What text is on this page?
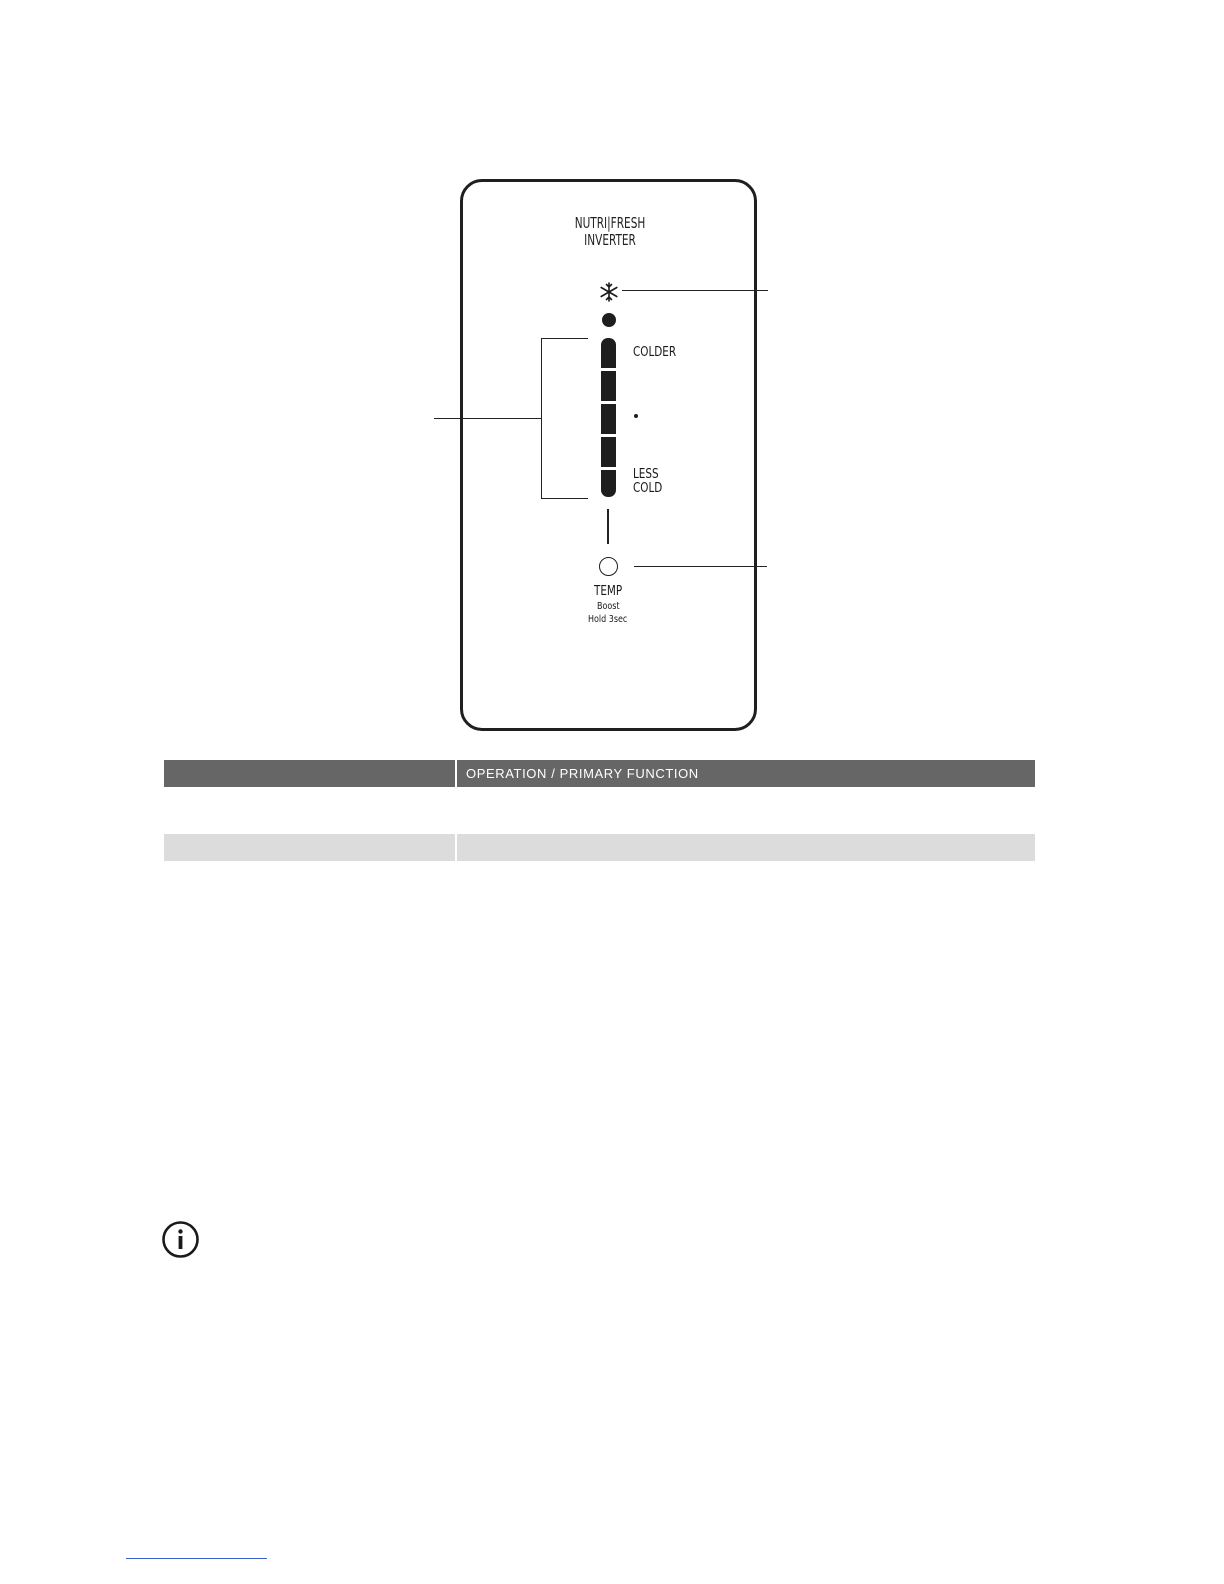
NUTRI|FRESH
INVERTER
COLDER
LESS
COLD
TEMP
Boost
Hold 3sec
OPERATION / PRIMARY FUNCTION
